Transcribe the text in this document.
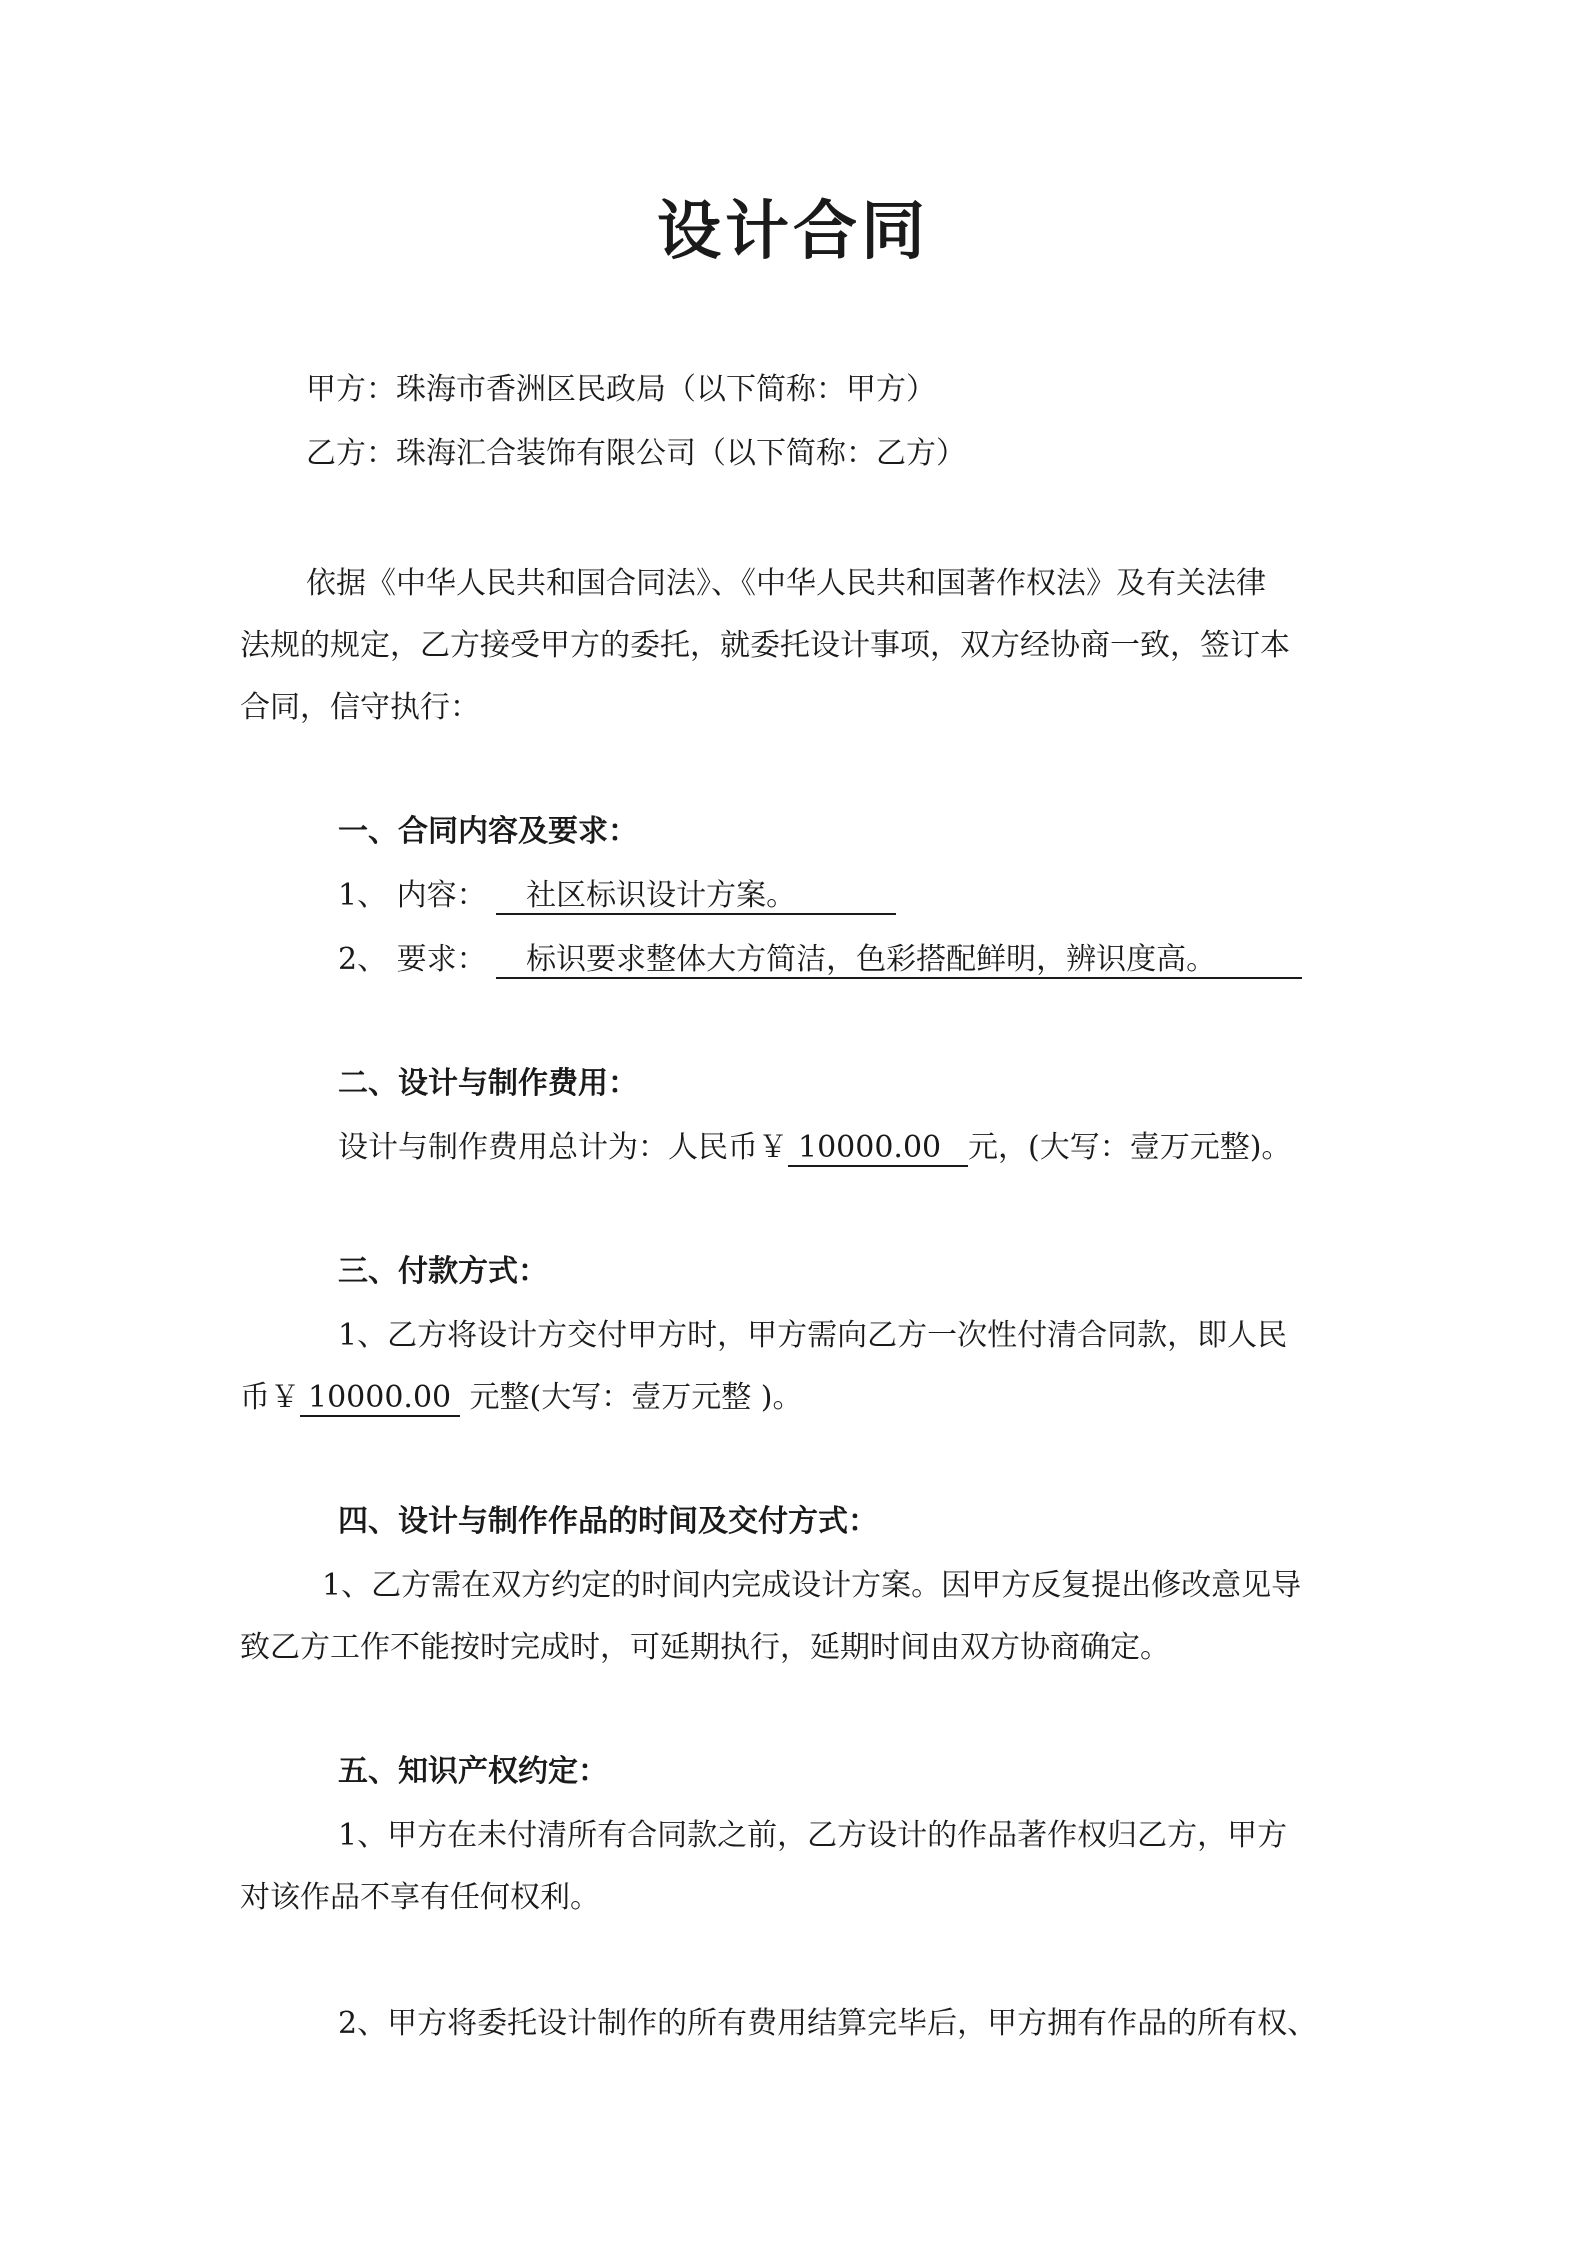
设计合同
甲方：珠海市香洲区民政局（以下简称：甲方）
乙方：珠海汇合装饰有限公司（以下简称：乙方）
依据《中华人民共和国合同法》、《中华人民共和国著作权法》及有关法律
法规的规定，乙方接受甲方的委托，就委托设计事项，双方经协商一致，签订本
合同，信守执行：
一、合同内容及要求：
1、 内容： 社区标识设计方案。
2、 要求： 标识要求整体大方简洁，色彩搭配鲜明，辨识度高。
二、设计与制作费用：
设计与制作费用总计为：人民币￥ 10000.00 元，(大写：壹万元整)。
三、付款方式：
1、乙方将设计方交付甲方时，甲方需向乙方一次性付清合同款，即人民
币￥ 10000.00 元整(大写：壹万元整 )。
四、设计与制作作品的时间及交付方式：
1、乙方需在双方约定的时间内完成设计方案。因甲方反复提出修改意见导
致乙方工作不能按时完成时，可延期执行，延期时间由双方协商确定。
五、知识产权约定：
1、甲方在未付清所有合同款之前，乙方设计的作品著作权归乙方，甲方
对该作品不享有任何权利。
2、甲方将委托设计制作的所有费用结算完毕后，甲方拥有作品的所有权、
